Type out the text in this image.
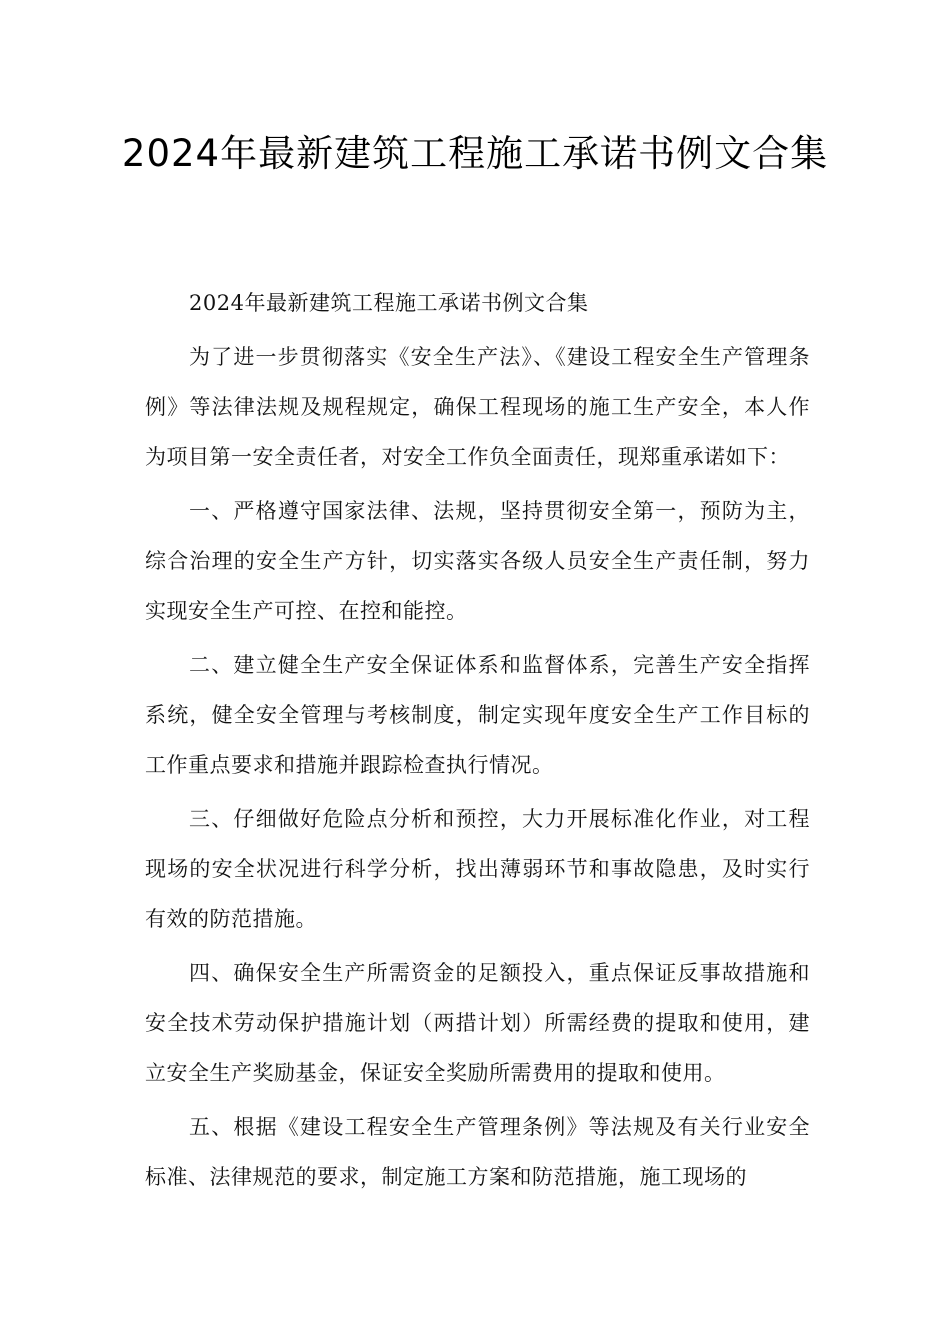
2024年最新建筑工程施工承诺书例文合集

2024年最新建筑工程施工承诺书例文合集

为了进一步贯彻落实《安全生产法》、《建设工程安全生产管理条例》等法律法规及规程规定，确保工程现场的施工生产安全，本人作为项目第一安全责任者，对安全工作负全面责任，现郑重承诺如下：

一、严格遵守国家法律、法规，坚持贯彻安全第一，预防为主，综合治理的安全生产方针，切实落实各级人员安全生产责任制，努力实现安全生产可控、在控和能控。

二、建立健全生产安全保证体系和监督体系，完善生产安全指挥系统，健全安全管理与考核制度，制定实现年度安全生产工作目标的工作重点要求和措施并跟踪检查执行情况。

三、仔细做好危险点分析和预控，大力开展标准化作业，对工程现场的安全状况进行科学分析，找出薄弱环节和事故隐患，及时实行有效的防范措施。

四、确保安全生产所需资金的足额投入，重点保证反事故措施和安全技术劳动保护措施计划（两措计划）所需经费的提取和使用，建立安全生产奖励基金，保证安全奖励所需费用的提取和使用。

五、根据《建设工程安全生产管理条例》等法规及有关行业安全标准、法律规范的要求，制定施工方案和防范措施，施工现场的
